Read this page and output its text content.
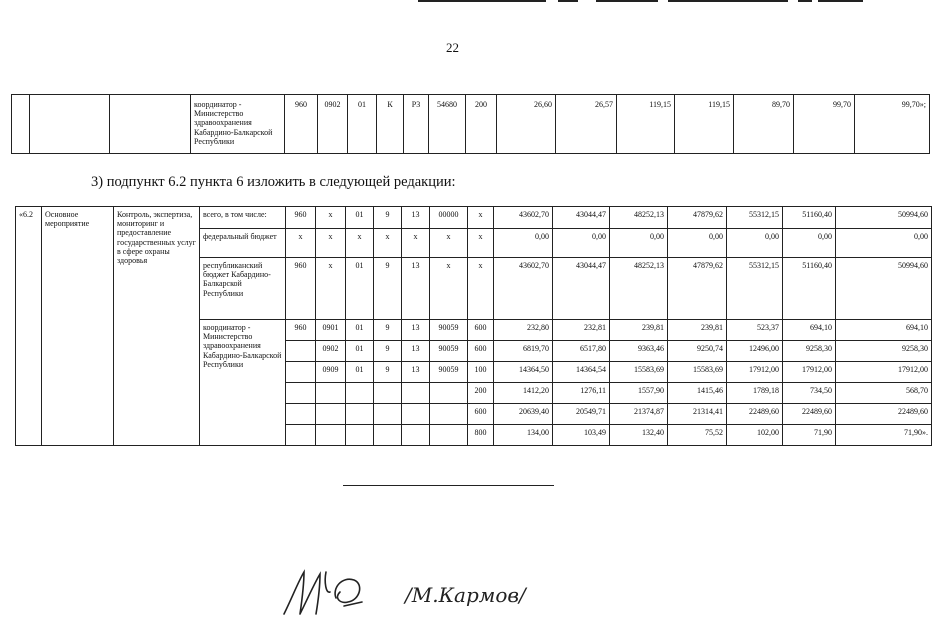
22
			координатор - Министерство здравоохранения Кабардино-Балкарской Республики	960	0902	01	К	Р3	54680	200	26,60	26,57	119,15	119,15	89,70	99,70	99,70»;
3) подпункт 6.2 пункта 6 изложить в следующей редакции:
«6.2	Основное мероприятие	Контроль, экспертиза, мониторинг и предоставление государственных услуг в сфере охраны здоровья	всего, в том числе:	960	x	01	9	13	00000	x	43602,70	43044,47	48252,13	47879,62	55312,15	51160,40	50994,60
			федеральный бюджет	x	x	x	x	x	x	x	0,00	0,00	0,00	0,00	0,00	0,00	0,00
			республиканский бюджет Кабардино-Балкарской Республики	960	x	01	9	13	x	x	43602,70	43044,47	48252,13	47879,62	55312,15	51160,40	50994,60
			координатор - Министерство здравоохранения Кабардино-Балкарской Республики	960	0901	01	9	13	90059	600	232,80	232,81	239,81	239,81	523,37	694,10	694,10
					0902	01	9	13	90059	600	6819,70	6517,80	9363,46	9250,74	12496,00	9258,30	9258,30
					0909	01	9	13	90059	100	14364,50	14364,54	15583,69	15583,69	17912,00	17912,00	17912,00
										200	1412,20	1276,11	1557,90	1415,46	1789,18	734,50	568,70
										600	20639,40	20549,71	21374,87	21314,41	22489,60	22489,60	22489,60
										800	134,00	103,49	132,40	75,52	102,00	71,90	71,90».
/М.Кармов/
